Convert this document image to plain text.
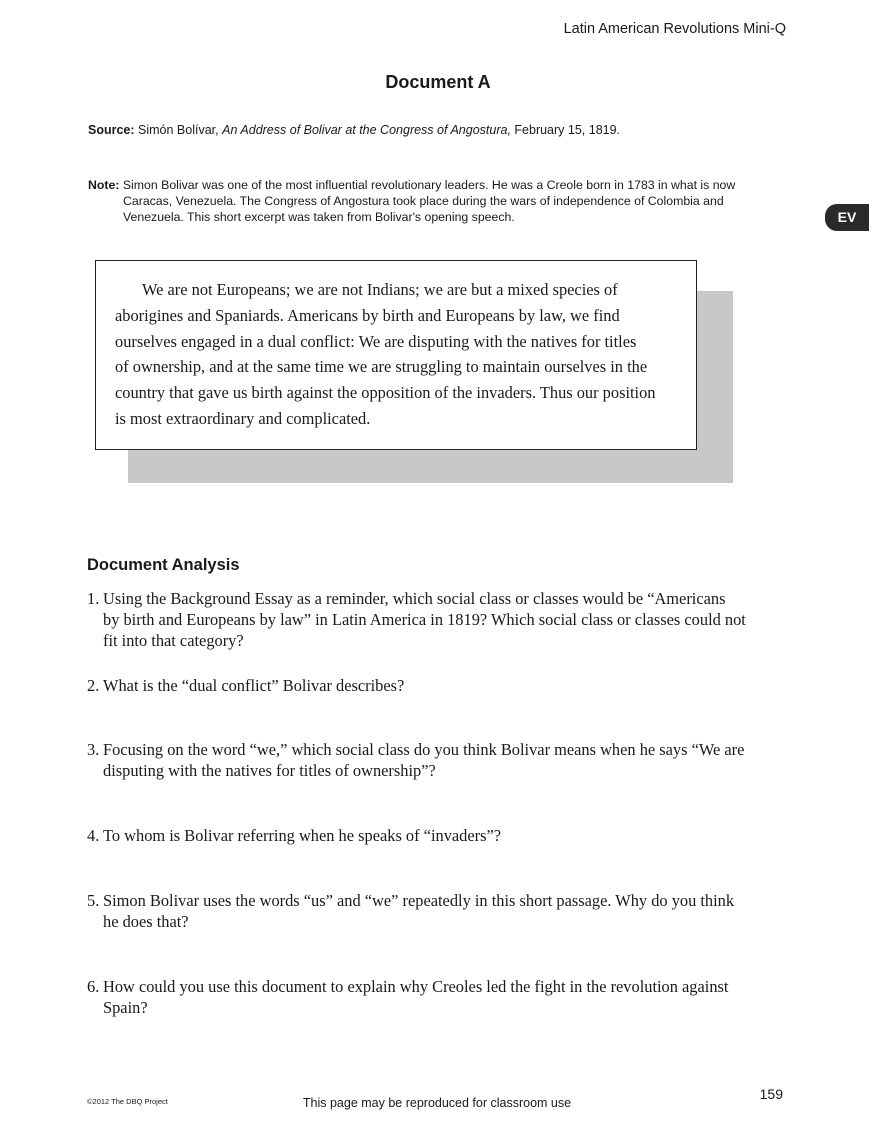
Latin American Revolutions Mini-Q
Document A
Source: Simón Bolívar, An Address of Bolivar at the Congress of Angostura, February 15, 1819.
Note: Simon Bolivar was one of the most influential revolutionary leaders. He was a Creole born in 1783 in what is now
Caracas, Venezuela. The Congress of Angostura took place during the wars of independence of Colombia and
Venezuela. This short excerpt was taken from Bolivar's opening speech.	EV
We are not Europeans; we are not Indians; we are but a mixed species of
aborigines and Spaniards. Americans by birth and Europeans by law, we find
ourselves engaged in a dual conflict: We are disputing with the natives for titles
of ownership, and at the same time we are struggling to maintain ourselves in the
country that gave us birth against the opposition of the invaders. Thus our position
is most extraordinary and complicated.
Document Analysis
1. Using the Background Essay as a reminder, which social class or classes would be “Americans
by birth and Europeans by law” in Latin America in 1819? Which social class or classes could not
fit into that category?
2. What is the “dual conflict” Bolivar describes?
3. Focusing on the word “we,” which social class do you think Bolivar means when he says “We are
disputing with the natives for titles of ownership”?
4. To whom is Bolivar referring when he speaks of “invaders”?
5. Simon Bolivar uses the words “us” and “we” repeatedly in this short passage. Why do you think
he does that?
6. How could you use this document to explain why Creoles led the fight in the revolution against
Spain?
©2012 The DBQ Project	This page may be reproduced for classroom use
159
